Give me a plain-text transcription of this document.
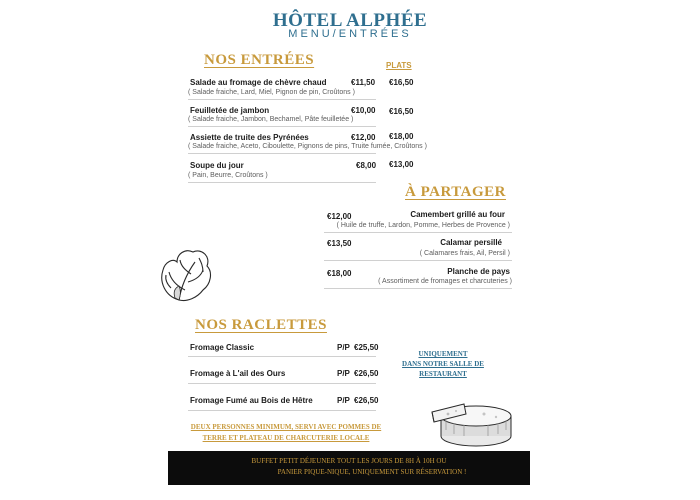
HÔTEL ALPHÉE
MENU/ENTRÉES
NOS ENTRÉES	PLATS
Salade au fromage de chèvre chaud	€11,50 €16,50
( Salade fraiche, Lard, Miel, Pignon de pin, Croûtons )
Feuilletée de jambon	€10,00 €16,50
( Salade fraiche, Jambon, Bechamel, Pâte feuilletée )
Assiette de truite des Pyrénées	€12,00 €18,00
( Salade fraiche, Aceto, Ciboulette, Pignons de pins, Truite fumée, Croûtons )
Soupe du jour	€8,00 €13,00
( Pain, Beurre, Croûtons )
À PARTAGER
€12,00	Camembert grillé au four
( Huile de truffe, Lardon, Pomme, Herbes de Provence )
€13,50	Calamar persillé
( Calamares frais, Ail, Persil )
€18,00	Planche de pays
( Assortiment de fromages et charcuteries )
NOS RACLETTES
Fromage Classic	P/P €25,50
Fromage à L'ail des Ours	P/P €26,50
Fromage Fumé au Bois de Hêtre	P/P €26,50
DEUX PERSONNES MINIMUM, SERVI AVEC POMMES DE
TERRE ET PLATEAU DE CHARCUTERIE LOCALE
UNIQUEMENT
DANS NOTRE SALLE DE
RESTAURANT
BUFFET PETIT DÉJEUNER TOUT LES JOURS DE 8H À 10H OU
PANIER PIQUE-NIQUE, UNIQUEMENT SUR RÉSERVATION !
